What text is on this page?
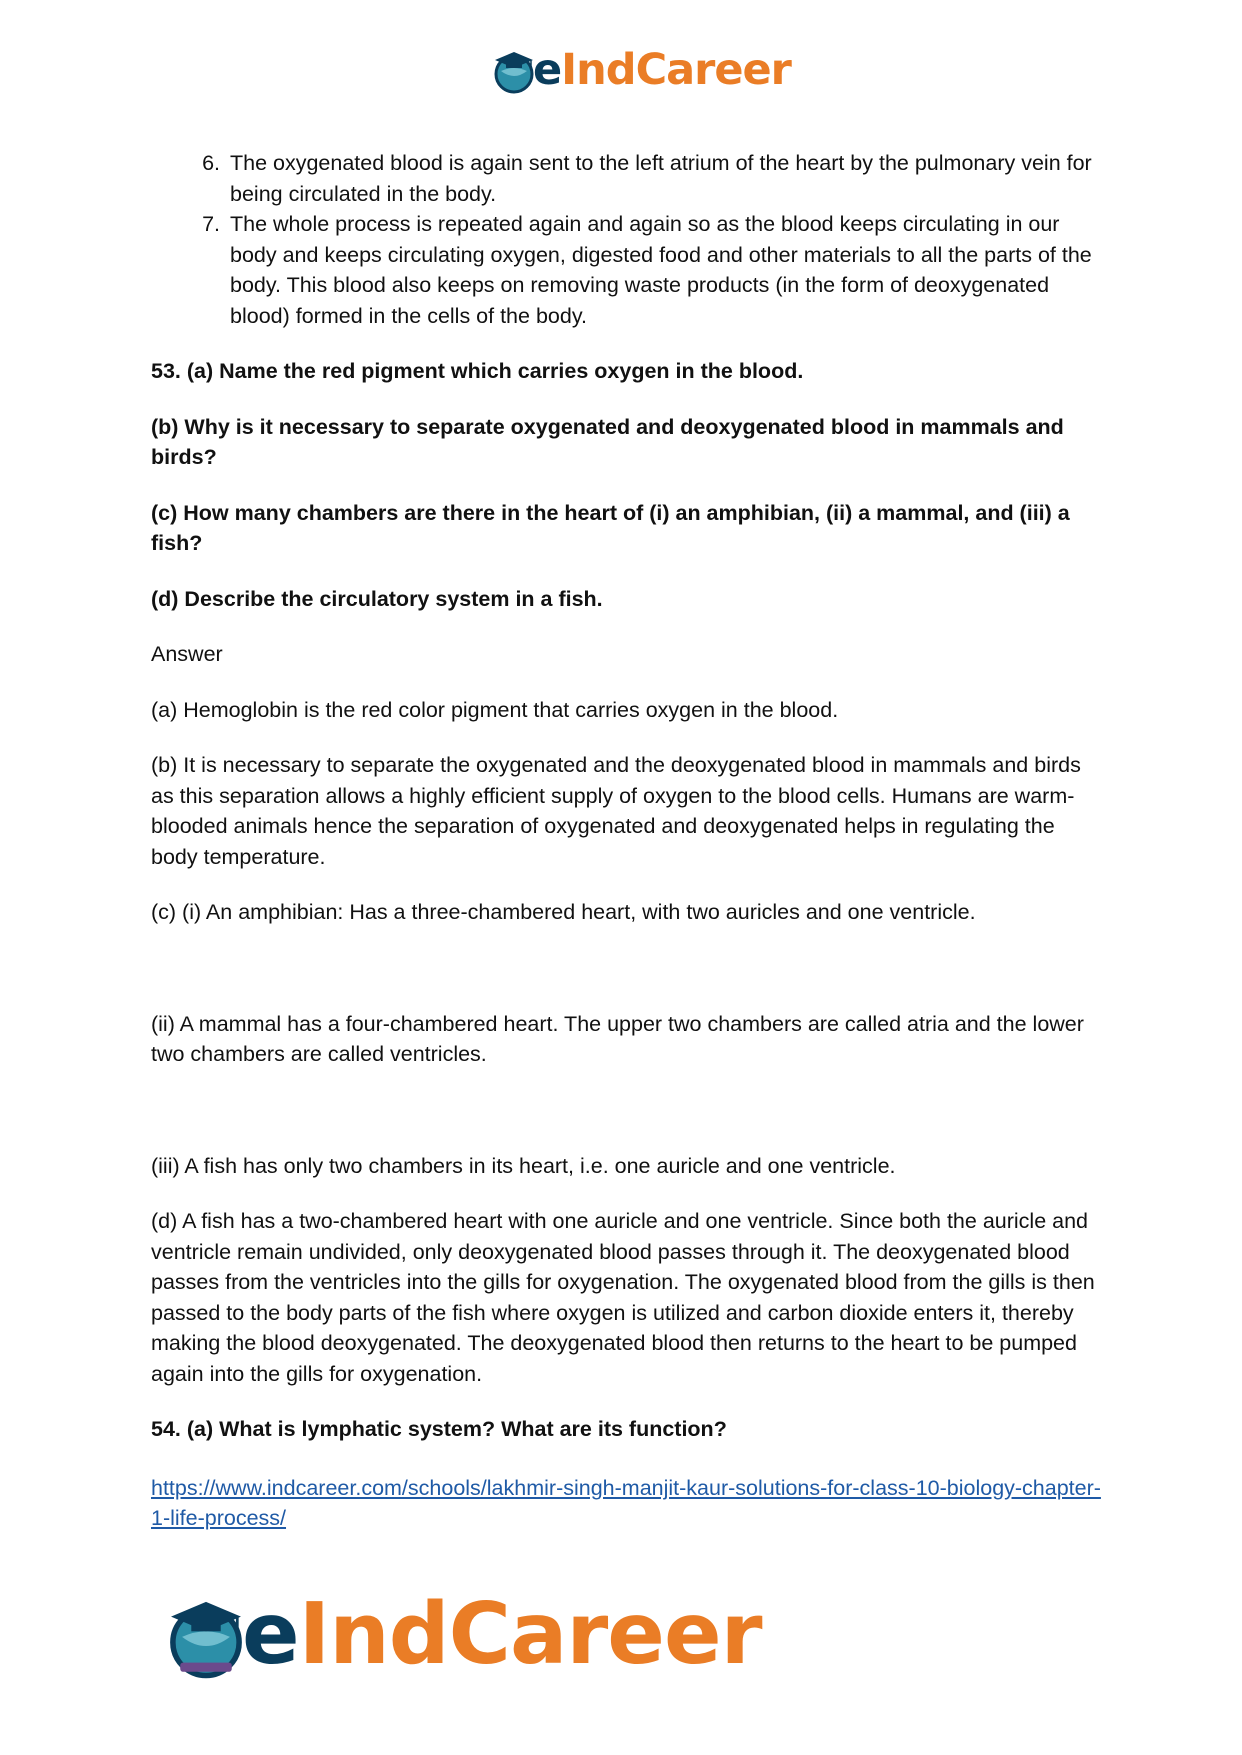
eIndCareer
6. The oxygenated blood is again sent to the left atrium of the heart by the pulmonary vein for being circulated in the body.
7. The whole process is repeated again and again so as the blood keeps circulating in our body and keeps circulating oxygen, digested food and other materials to all the parts of the body. This blood also keeps on removing waste products (in the form of deoxygenated blood) formed in the cells of the body.

53. (a) Name the red pigment which carries oxygen in the blood.

(b) Why is it necessary to separate oxygenated and deoxygenated blood in mammals and birds?

(c) How many chambers are there in the heart of (i) an amphibian, (ii) a mammal, and (iii) a fish?

(d) Describe the circulatory system in a fish.

Answer

(a) Hemoglobin is the red color pigment that carries oxygen in the blood.

(b) It is necessary to separate the oxygenated and the deoxygenated blood in mammals and birds as this separation allows a highly efficient supply of oxygen to the blood cells. Humans are warm-blooded animals hence the separation of oxygenated and deoxygenated helps in regulating the body temperature.

(c) (i) An amphibian: Has a three-chambered heart, with two auricles and one ventricle.

(ii) A mammal has a four-chambered heart. The upper two chambers are called atria and the lower two chambers are called ventricles.

(iii) A fish has only two chambers in its heart, i.e. one auricle and one ventricle.

(d) A fish has a two-chambered heart with one auricle and one ventricle. Since both the auricle and ventricle remain undivided, only deoxygenated blood passes through it. The deoxygenated blood passes from the ventricles into the gills for oxygenation. The oxygenated blood from the gills is then passed to the body parts of the fish where oxygen is utilized and carbon dioxide enters it, thereby making the blood deoxygenated. The deoxygenated blood then returns to the heart to be pumped again into the gills for oxygenation.

54. (a) What is lymphatic system? What are its function?

https://www.indcareer.com/schools/lakhmir-singh-manjit-kaur-solutions-for-class-10-biology-chapter-1-life-process/
eIndCareer
